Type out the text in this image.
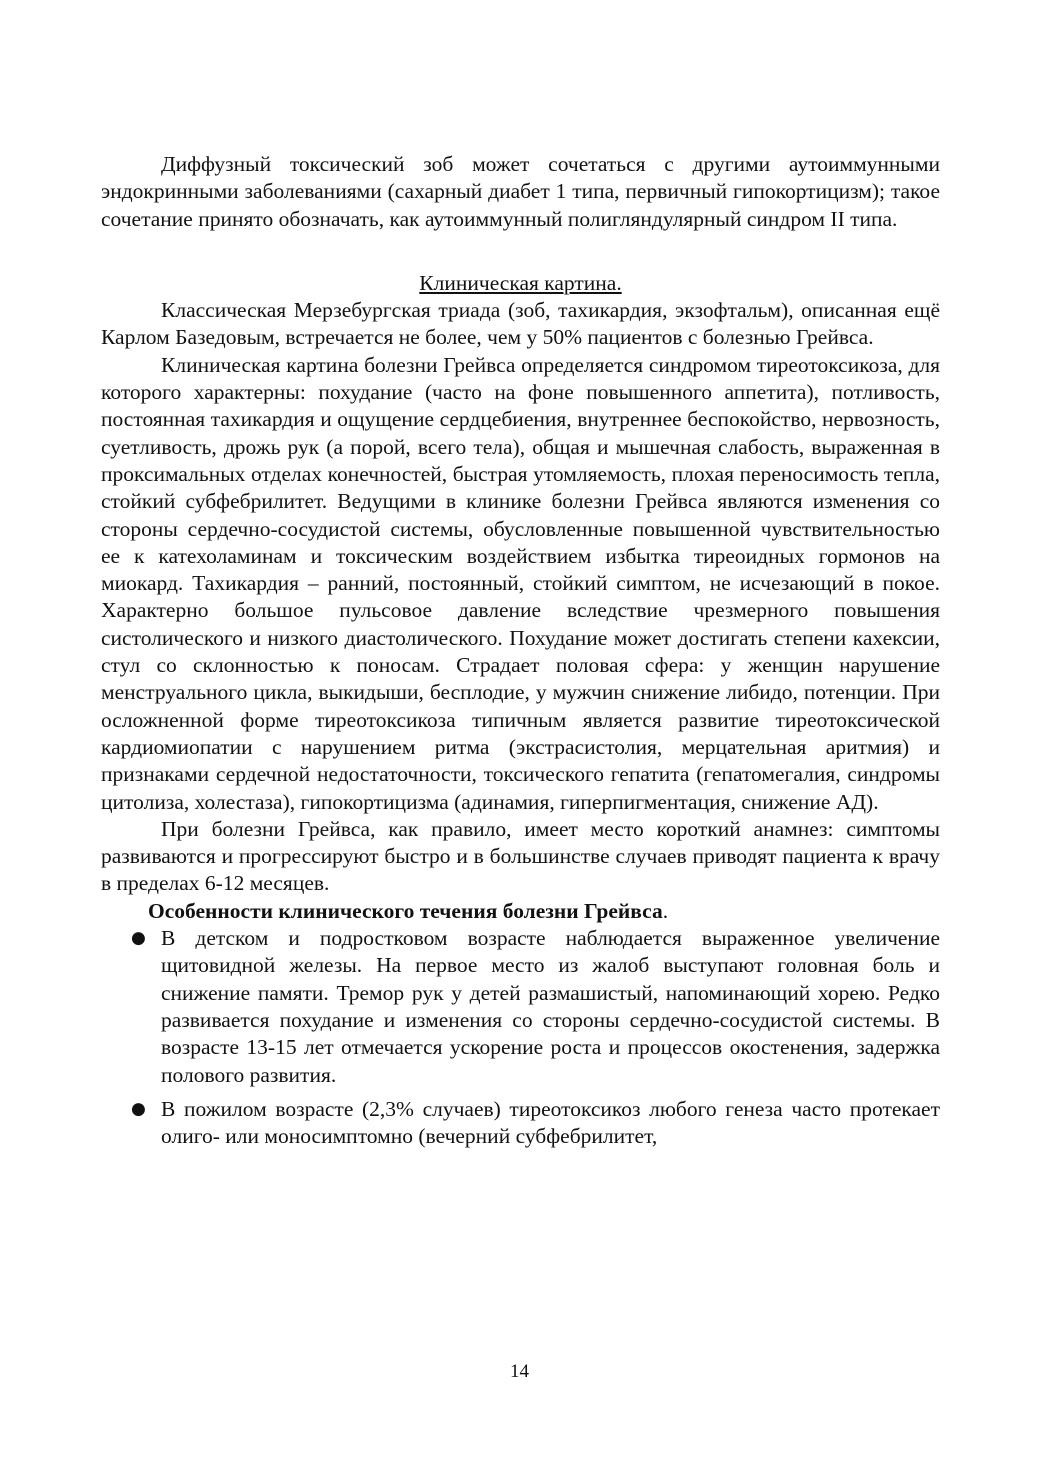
Диффузный токсический зоб может сочетаться с другими аутоиммунными эндокринными заболеваниями (сахарный диабет 1 типа, первичный гипокортицизм); такое сочетание принято обозначать, как аутоиммунный полигляндулярный синдром II типа.

Клиническая картина.

Классическая Мерзебургская триада (зоб, тахикардия, экзофтальм), описанная ещё Карлом Базедовым, встречается не более, чем у 50% пациентов с болезнью Грейвса.

Клиническая картина болезни Грейвса определяется синдромом тиреотоксикоза, для которого характерны: похудание (часто на фоне повышенного аппетита), потливость, постоянная тахикардия и ощущение сердцебиения, внутреннее беспокойство, нервозность, суетливость, дрожь рук (а порой, всего тела), общая и мышечная слабость, выраженная в проксимальных отделах конечностей, быстрая утомляемость, плохая переносимость тепла, стойкий субфебрилитет. Ведущими в клинике болезни Грейвса являются изменения со стороны сердечно-сосудистой системы, обусловленные повышенной чувствительностью ее к катехоламинам и токсическим воздействием избытка тиреоидных гормонов на миокард. Тахикардия – ранний, постоянный, стойкий симптом, не исчезающий в покое. Характерно большое пульсовое давление вследствие чрезмерного повышения систолического и низкого диастолического. Похудание может достигать степени кахексии, стул со склонностью к поносам. Страдает половая сфера: у женщин нарушение менструального цикла, выкидыши, бесплодие, у мужчин снижение либидо, потенции. При осложненной форме тиреотоксикоза типичным является развитие тиреотоксической кардиомиопатии с нарушением ритма (экстрасистолия, мерцательная аритмия) и признаками сердечной недостаточности, токсического гепатита (гепатомегалия, синдромы цитолиза, холестаза), гипокортицизма (адинамия, гиперпигментация, снижение АД).

При болезни Грейвса, как правило, имеет место короткий анамнез: симптомы развиваются и прогрессируют быстро и в большинстве случаев приводят пациента к врачу в пределах 6-12 месяцев.

Особенности клинического течения болезни Грейвса.

● В детском и подростковом возрасте наблюдается выраженное увеличение щитовидной железы. На первое место из жалоб выступают головная боль и снижение памяти. Тремор рук у детей размашистый, напоминающий хорею. Редко развивается похудание и изменения со стороны сердечно-сосудистой системы. В возрасте 13-15 лет отмечается ускорение роста и процессов окостенения, задержка полового развития.
● В пожилом возрасте (2,3% случаев) тиреотоксикоз любого генеза часто протекает олиго- или моносимптомно (вечерний субфебрилитет,
14
